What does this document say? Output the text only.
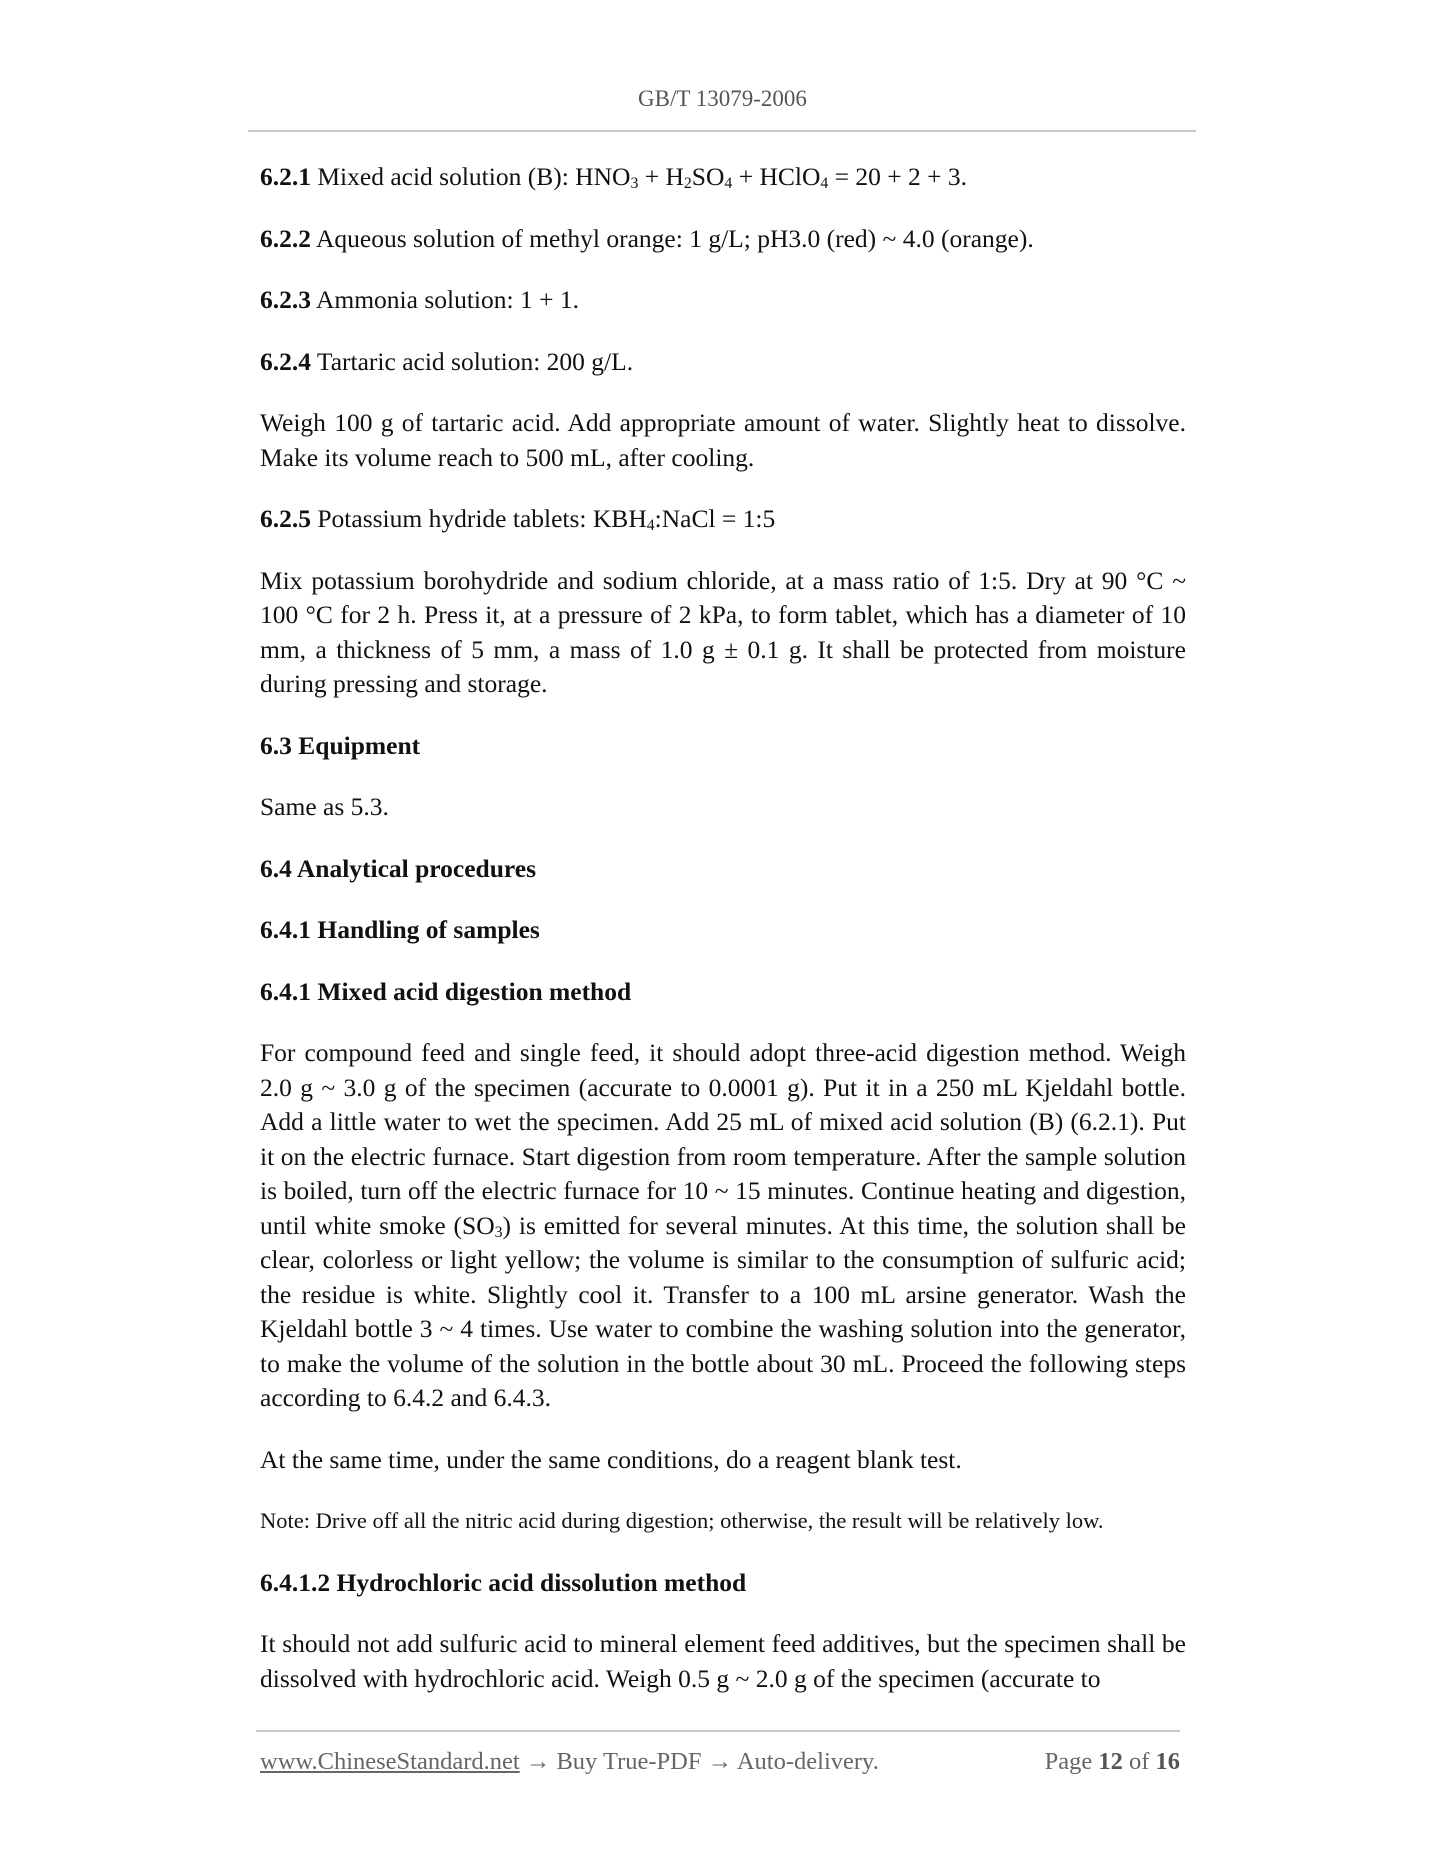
GB/T 13079-2006

6.2.1 Mixed acid solution (B): $HNO_3 + H_2SO_4$ + HClO$_4$ = 20 + 2 + 3.

6.2.2 Aqueous solution of methyl orange: 1 g/L; pH3.0 (red) ~ 4.0 (orange).

6.2.3 Ammonia solution: 1 + 1.

6.2.4 Tartaric acid solution: 200 g/L.

Weigh 100 g of tartaric acid. Add appropriate amount of water. Slightly heat to dissolve. Make its volume reach to 500 mL, after cooling.

6.2.5 Potassium hydride tablets: $KBH_4:NaCl$ = 1:5

Mix potassium borohydride and sodium chloride, at a mass ratio of 1:5. Dry at 90 °C ~ 100 °C for 2 h. Press it, at a pressure of 2 kPa, to form tablet, which has a diameter of 10 mm, a thickness of 5 mm, a mass of 1.0 g ± 0.1 g. It shall be protected from moisture during pressing and storage.

6.3 Equipment

Same as 5.3.

6.4 Analytical procedures

6.4.1 Handling of samples

6.4.1 Mixed acid digestion method

For compound feed and single feed, it should adopt three-acid digestion method. Weigh 2.0 g ~ 3.0 g of the specimen (accurate to 0.0001 g). Put it in a 250 mL Kjeldahl bottle. Add a little water to wet the specimen. Add 25 mL of mixed acid solution (B) (6.2.1). Put it on the electric furnace. Start digestion from room temperature. After the sample solution is boiled, turn off the electric furnace for 10 ~ 15 minutes. Continue heating and digestion, until white smoke $(SO_3)$ is emitted for several minutes. At this time, the solution shall be clear, colorless or light yellow; the volume is similar to the consumption of sulfuric acid; the residue is white. Slightly cool it. Transfer to a 100 mL arsine generator. Wash the Kjeldahl bottle 3 ~ 4 times. Use water to combine the washing solution into the generator, to make the volume of the solution in the bottle about 30 mL. Proceed the following steps according to 6.4.2 and 6.4.3.

At the same time, under the same conditions, do a reagent blank test.

Note: Drive off all the nitric acid during digestion; otherwise, the result will be relatively low.

6.4.1.2 Hydrochloric acid dissolution method

It should not add sulfuric acid to mineral element feed additives, but the specimen shall be dissolved with hydrochloric acid. Weigh 0.5 g ~ 2.0 g of the specimen (accurate to

www.ChineseStandard.net → Buy True-PDF → Auto-delivery.	Page 12 of 16
